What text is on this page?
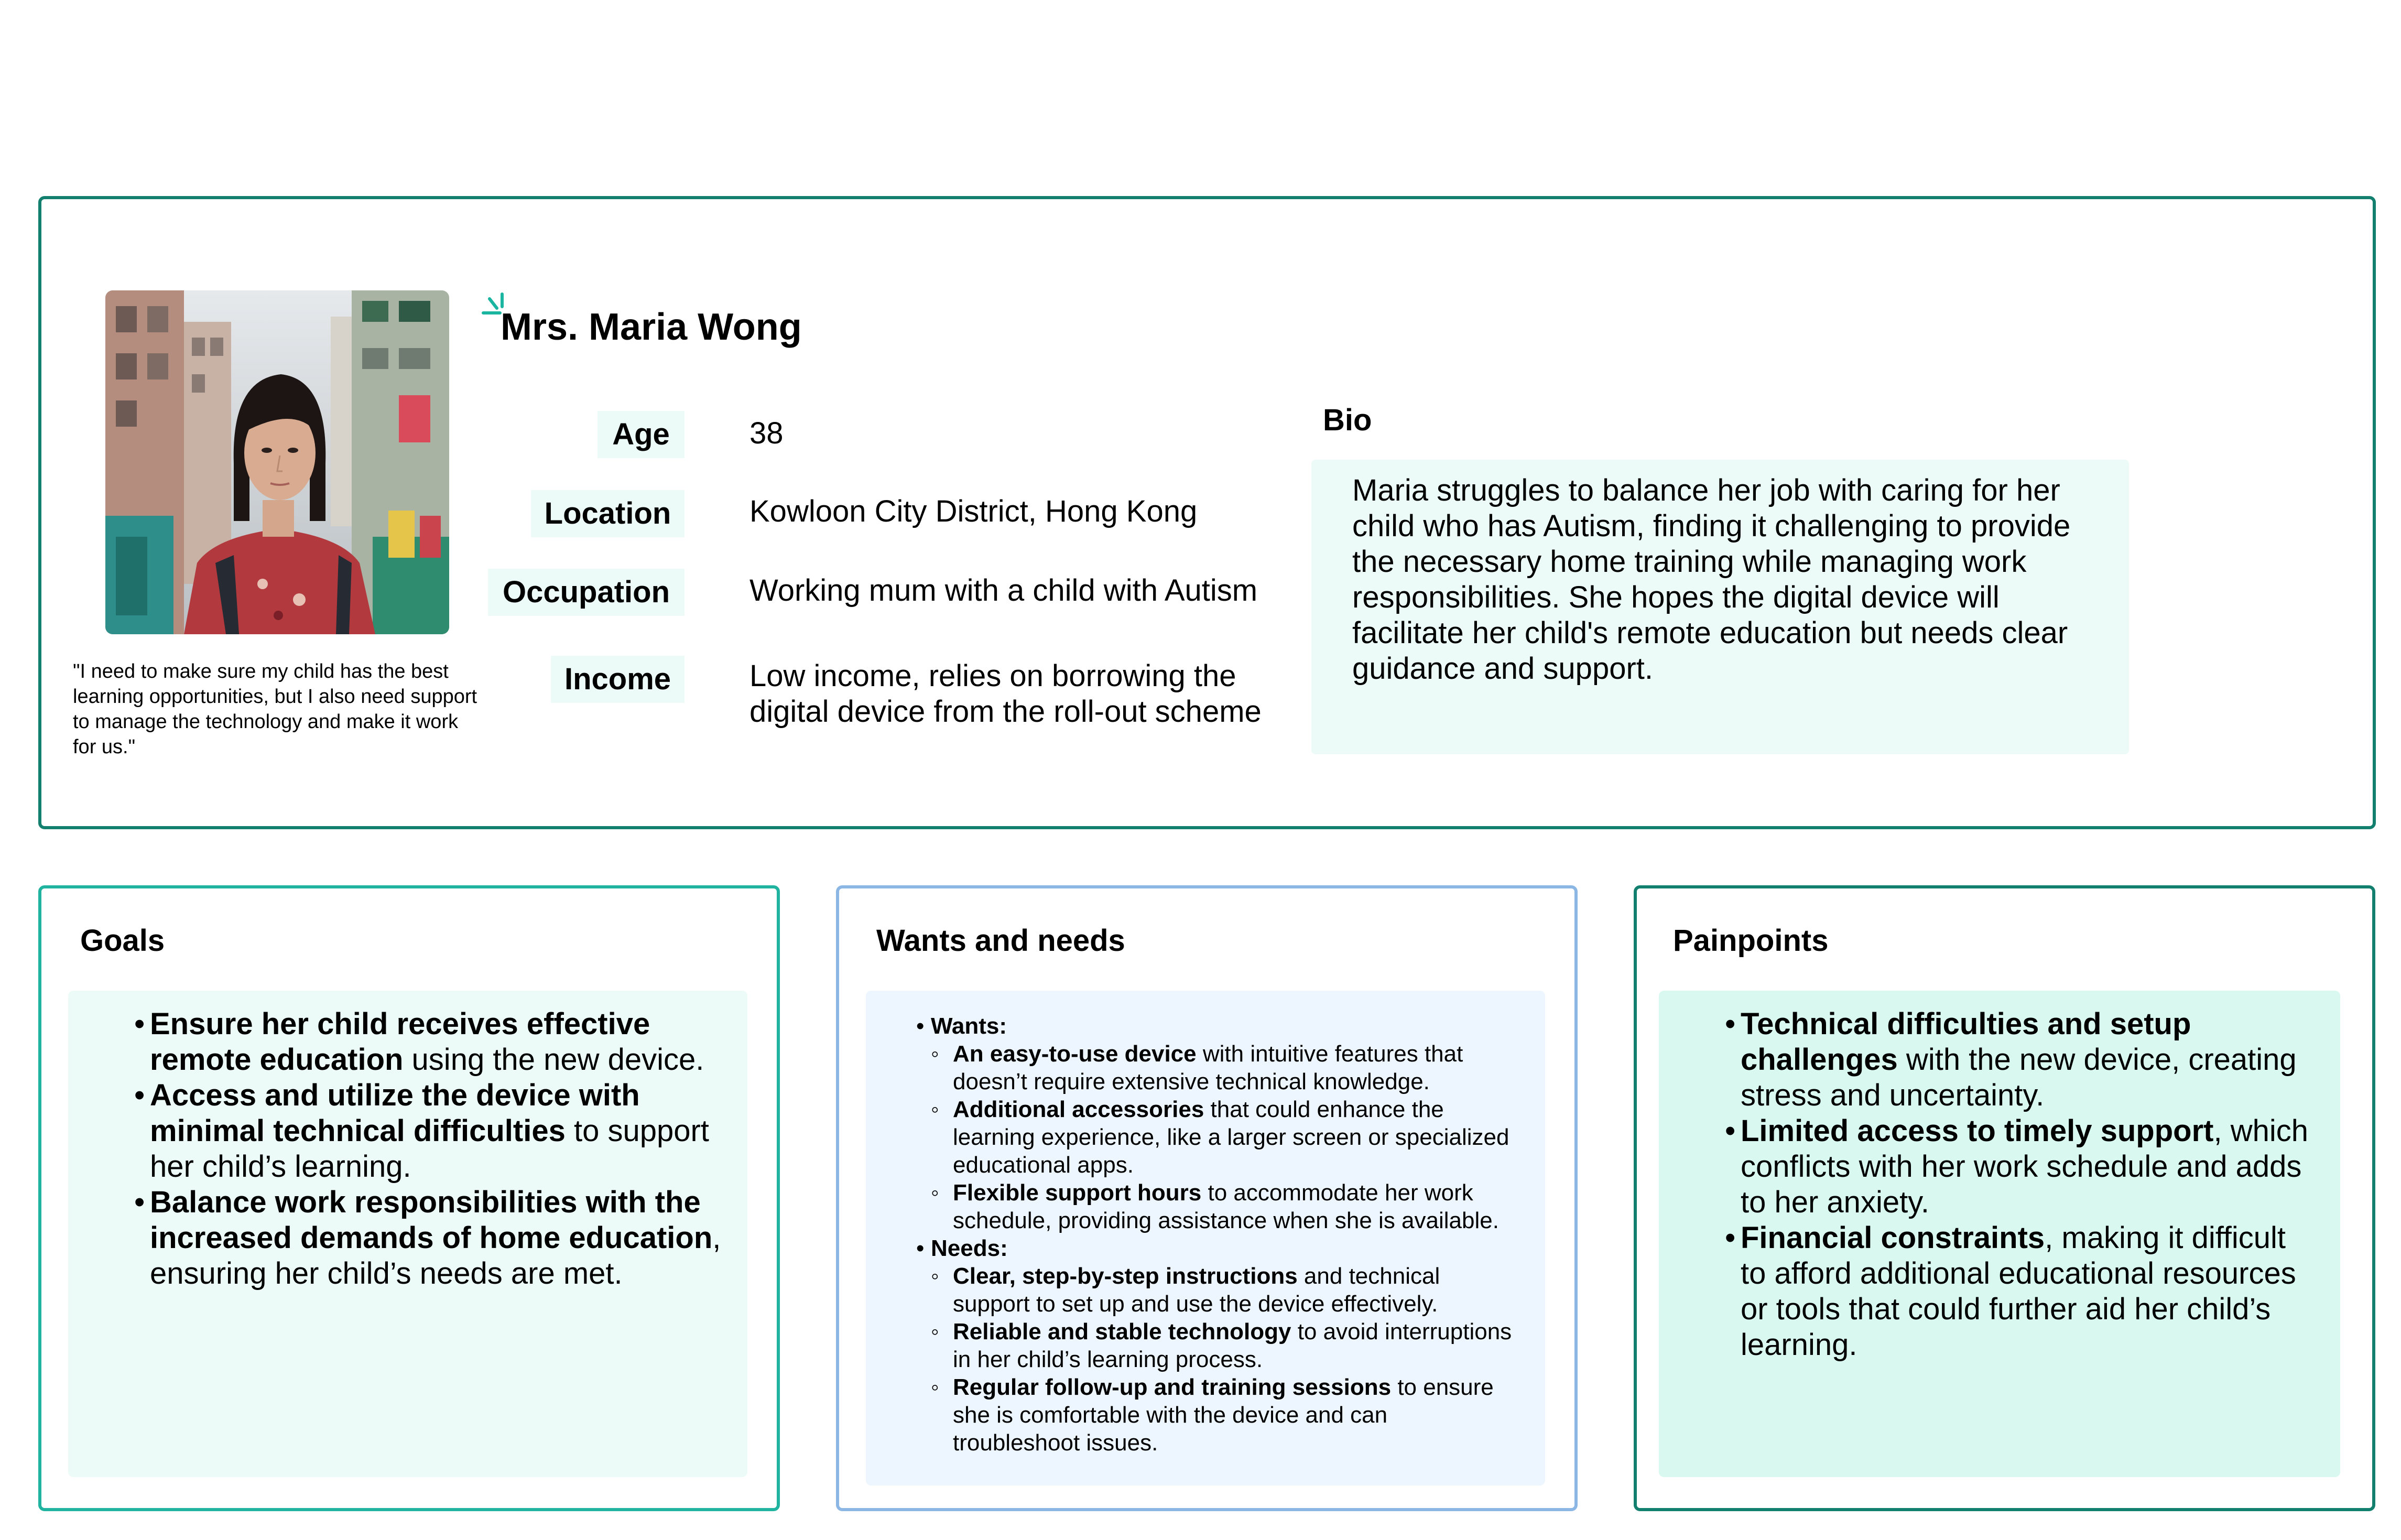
"I need to make sure my child has the best learning opportunities, but I also need support to manage the technology and make it work for us."
Mrs. Maria Wong
Age	38
Location	Kowloon City District, Hong Kong
Occupation	Working mum with a child with Autism
Income	Low income, relies on borrowing the digital device from the roll-out scheme
Bio
Maria struggles to balance her job with caring for her child who has Autism, finding it challenging to provide the necessary home training while managing work responsibilities. She hopes the digital device will facilitate her child's remote education but needs clear guidance and support.
Goals
• Ensure her child receives effective remote education using the new device.
• Access and utilize the device with minimal technical difficulties to support her child’s learning.
• Balance work responsibilities with the increased demands of home education, ensuring her child’s needs are met.
Wants and needs
• Wants:
◦ An easy-to-use device with intuitive features that doesn’t require extensive technical knowledge.
◦ Additional accessories that could enhance the learning experience, like a larger screen or specialized educational apps.
◦ Flexible support hours to accommodate her work schedule, providing assistance when she is available.
• Needs:
◦ Clear, step-by-step instructions and technical support to set up and use the device effectively.
◦ Reliable and stable technology to avoid interruptions in her child’s learning process.
◦ Regular follow-up and training sessions to ensure she is comfortable with the device and can troubleshoot issues.
Painpoints
• Technical difficulties and setup challenges with the new device, creating stress and uncertainty.
• Limited access to timely support, which conflicts with her work schedule and adds to her anxiety.
• Financial constraints, making it difficult to afford additional educational resources or tools that could further aid her child’s learning.
